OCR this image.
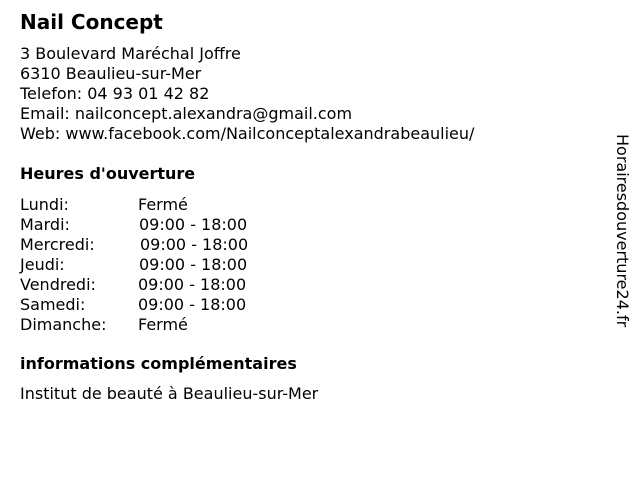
Nail Concept
3 Boulevard Maréchal Joffre
6310 Beaulieu-sur-Mer
Telefon: 04 93 01 42 82
Email: nailconcept.alexandra@gmail.com
Web: www.facebook.com/Nailconceptalexandrabeaulieu/
Heures d'ouverture
Lundi:	Fermé
Mardi:	09:00 - 18:00
Mercredi:	09:00 - 18:00
Jeudi:	09:00 - 18:00
Vendredi:	09:00 - 18:00
Samedi:	09:00 - 18:00
Dimanche: Fermé
informations complémentaires
Institut de beauté à Beaulieu-sur-Mer
Horairesdouverture24.fr
